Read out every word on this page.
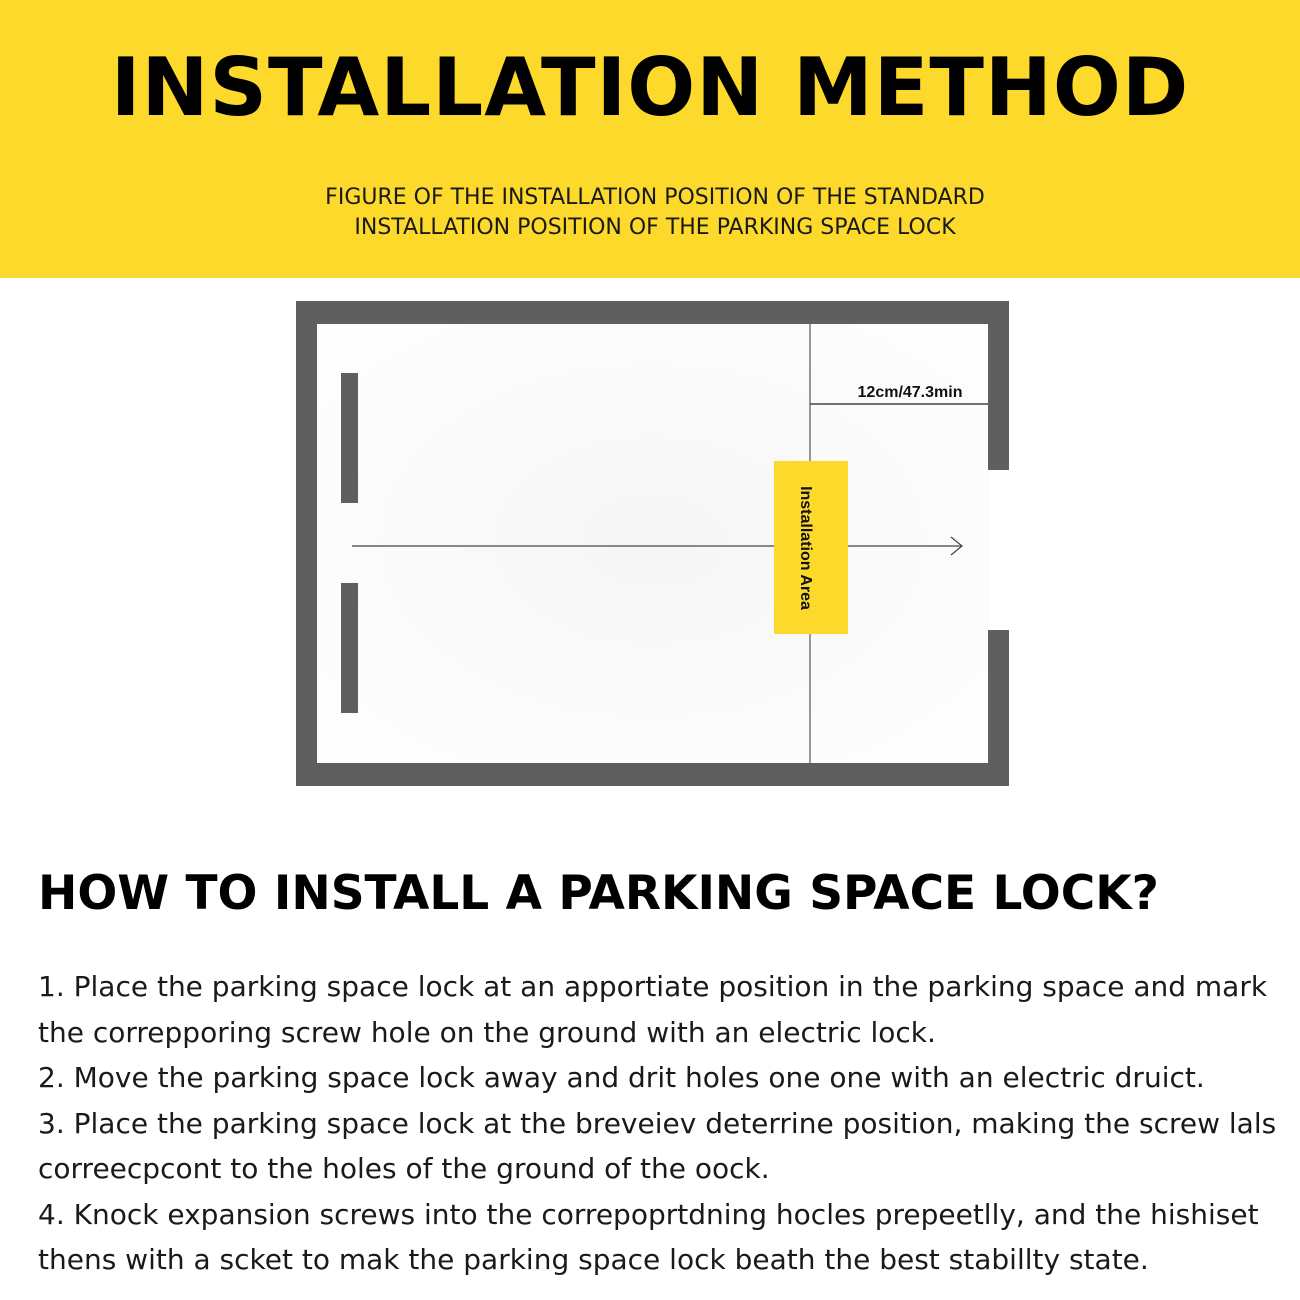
INSTALLATION METHOD
FIGURE OF THE INSTALLATION POSITION OF THE STANDARD
INSTALLATION POSITION OF THE PARKING SPACE LOCK
12cm/47.3min
Installation Area
HOW TO INSTALL A PARKING SPACE LOCK?
1. Place the parking space lock at an apportiate position in the parking space and mark the correpporing screw hole on the ground with an electric lock.
2. Move the parking space lock away and drit holes one one with an electric druict.
3. Place the parking space lock at the breveiev deterrine position, making the screw lals correecpcont to the holes of the ground of the oock.
4. Knock expansion screws into the correpoprtdning hocles prepeetlly, and the hishiset thens with a scket to mak the parking space lock beath the best stabillty state.
